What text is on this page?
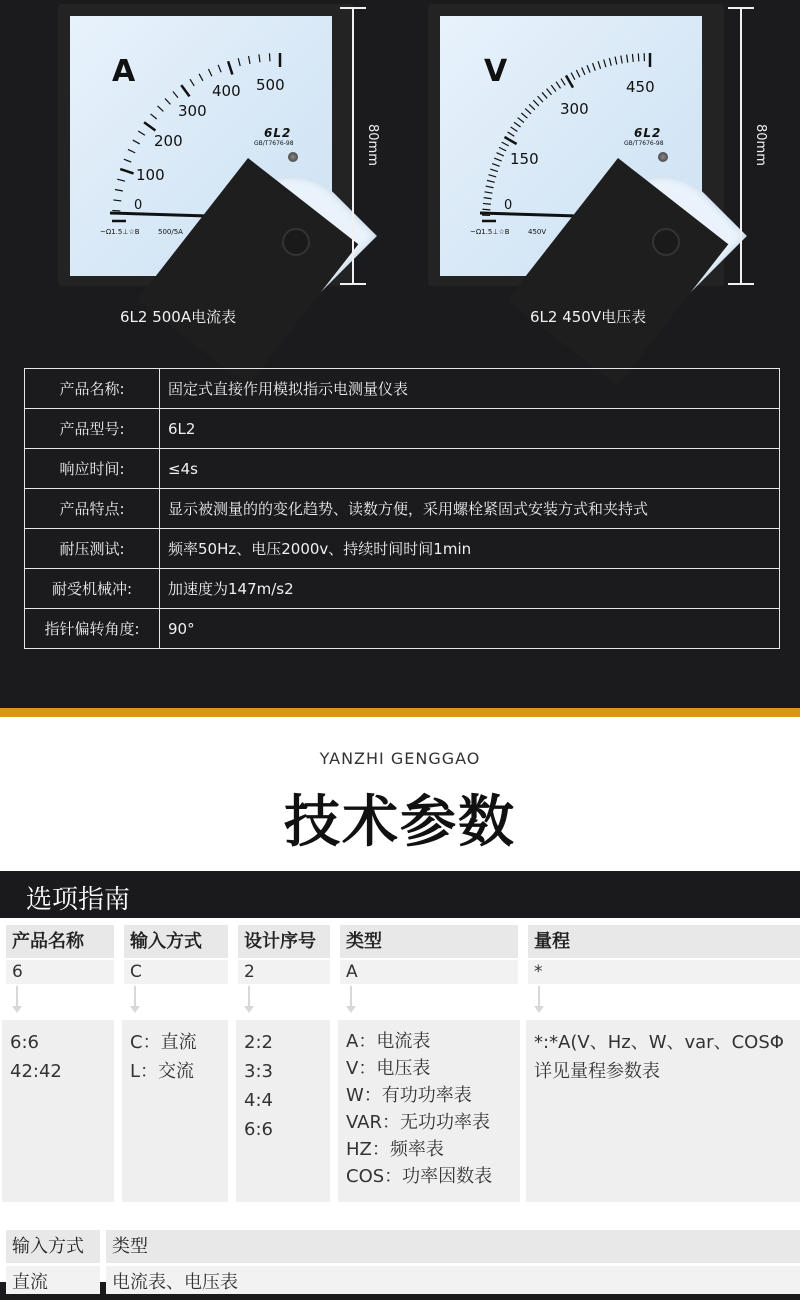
A
6L2
GB/T7676-98
0
100
200
300
400 500
~Ω1.5⊥☆B	500/5A
80mm
6L2 500A电流表
V
6L2
GB/T7676-98
0
150
300
450
~Ω1.5⊥☆B	450V
80mm
6L2 450V电压表
产品名称:	固定式直接作用模拟指示电测量仪表
产品型号:	6L2
响应时间:	≤4s
产品特点:	显示被测量的的变化趋势、读数方便，采用螺栓紧固式安装方式和夹持式
耐压测试:	频率50Hz、电压2000v、持续时间时间1min
耐受机械冲:	加速度为147m/s2
指针偏转角度:	90°
YANZHI GENGGAO
技术参数
选项指南
产品名称	输入方式	设计序号	类型	量程
6	C	2	A	*
6:6
42:42
C：直流
L：交流
2:2
3:3
4:4
6:6
A：电流表
V：电压表
W：有功功率表
VAR：无功功率表
HZ：频率表
COS：功率因数表
*:*A(V、Hz、W、var、COSΦ
详见量程参数表
输入方式	类型
直流	电流表、电压表
